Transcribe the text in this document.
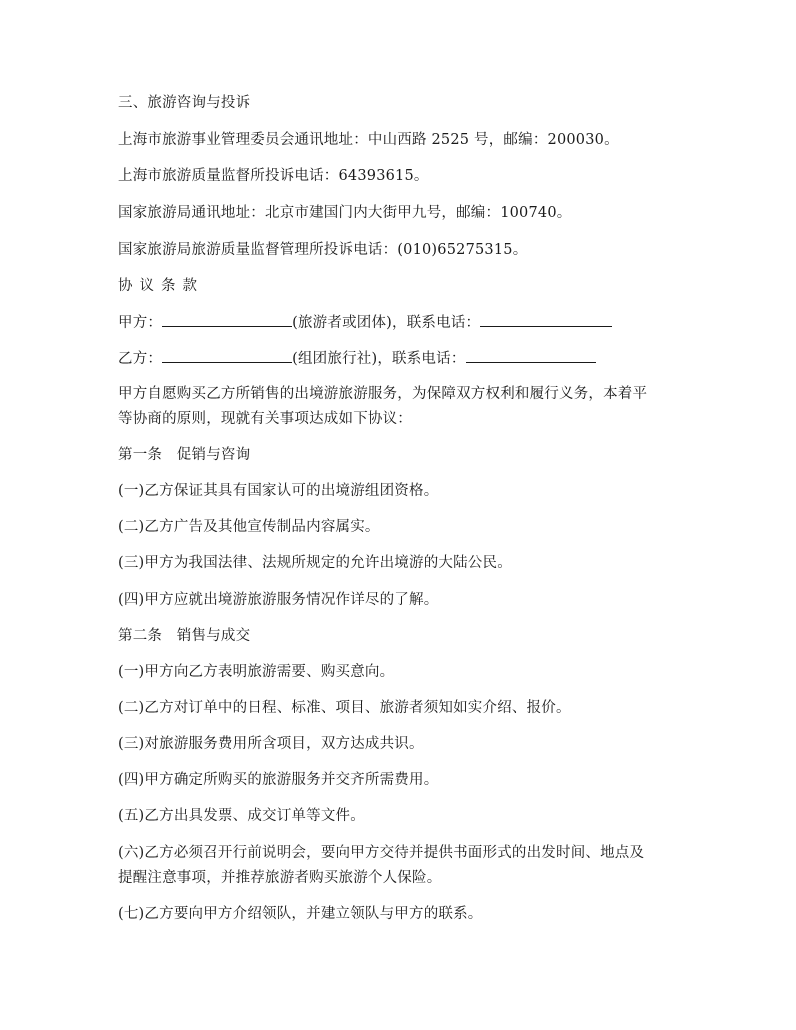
三、旅游咨询与投诉
上海市旅游事业管理委员会通讯地址：中山西路 2525 号，邮编：200030。
上海市旅游质量监督所投诉电话：64393615。
国家旅游局通讯地址：北京市建国门内大街甲九号，邮编：100740。
国家旅游局旅游质量监督管理所投诉电话：(010)65275315。
协议条款
甲方：	(旅游者或团体)，联系电话：
乙方：	(组团旅行社)，联系电话：
甲方自愿购买乙方所销售的出境游旅游服务，为保障双方权利和履行义务，本着平
等协商的原则，现就有关事项达成如下协议：
第一条　促销与咨询
(一)乙方保证其具有国家认可的出境游组团资格。
(二)乙方广告及其他宣传制品内容属实。
(三)甲方为我国法律、法规所规定的允许出境游的大陆公民。
(四)甲方应就出境游旅游服务情况作详尽的了解。
第二条　销售与成交
(一)甲方向乙方表明旅游需要、购买意向。
(二)乙方对订单中的日程、标准、项目、旅游者须知如实介绍、报价。
(三)对旅游服务费用所含项目，双方达成共识。
(四)甲方确定所购买的旅游服务并交齐所需费用。
(五)乙方出具发票、成交订单等文件。
(六)乙方必须召开行前说明会，要向甲方交待并提供书面形式的出发时间、地点及
提醒注意事项，并推荐旅游者购买旅游个人保险。
(七)乙方要向甲方介绍领队，并建立领队与甲方的联系。
